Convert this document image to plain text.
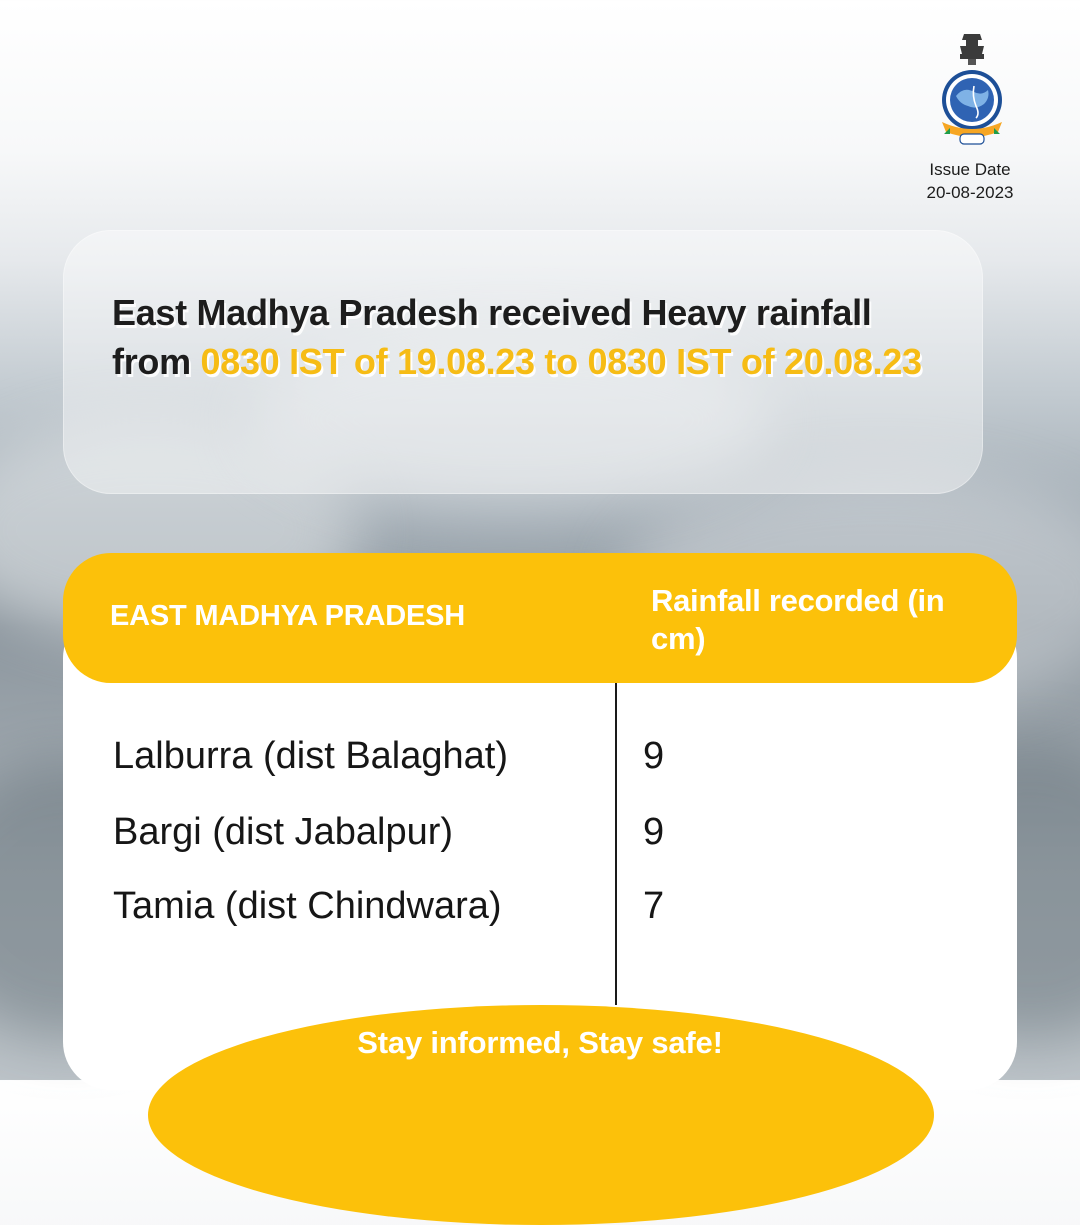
Issue Date
20-08-2023

East Madhya Pradesh received Heavy rainfall from 0830 IST of 19.08.23 to 0830 IST of 20.08.23

EAST MADHYA PRADESH	Rainfall recorded (in cm)
Lalburra (dist Balaghat)	9
Bargi (dist Jabalpur)	9
Tamia (dist Chindwara)	7
Stay informed, Stay safe!
